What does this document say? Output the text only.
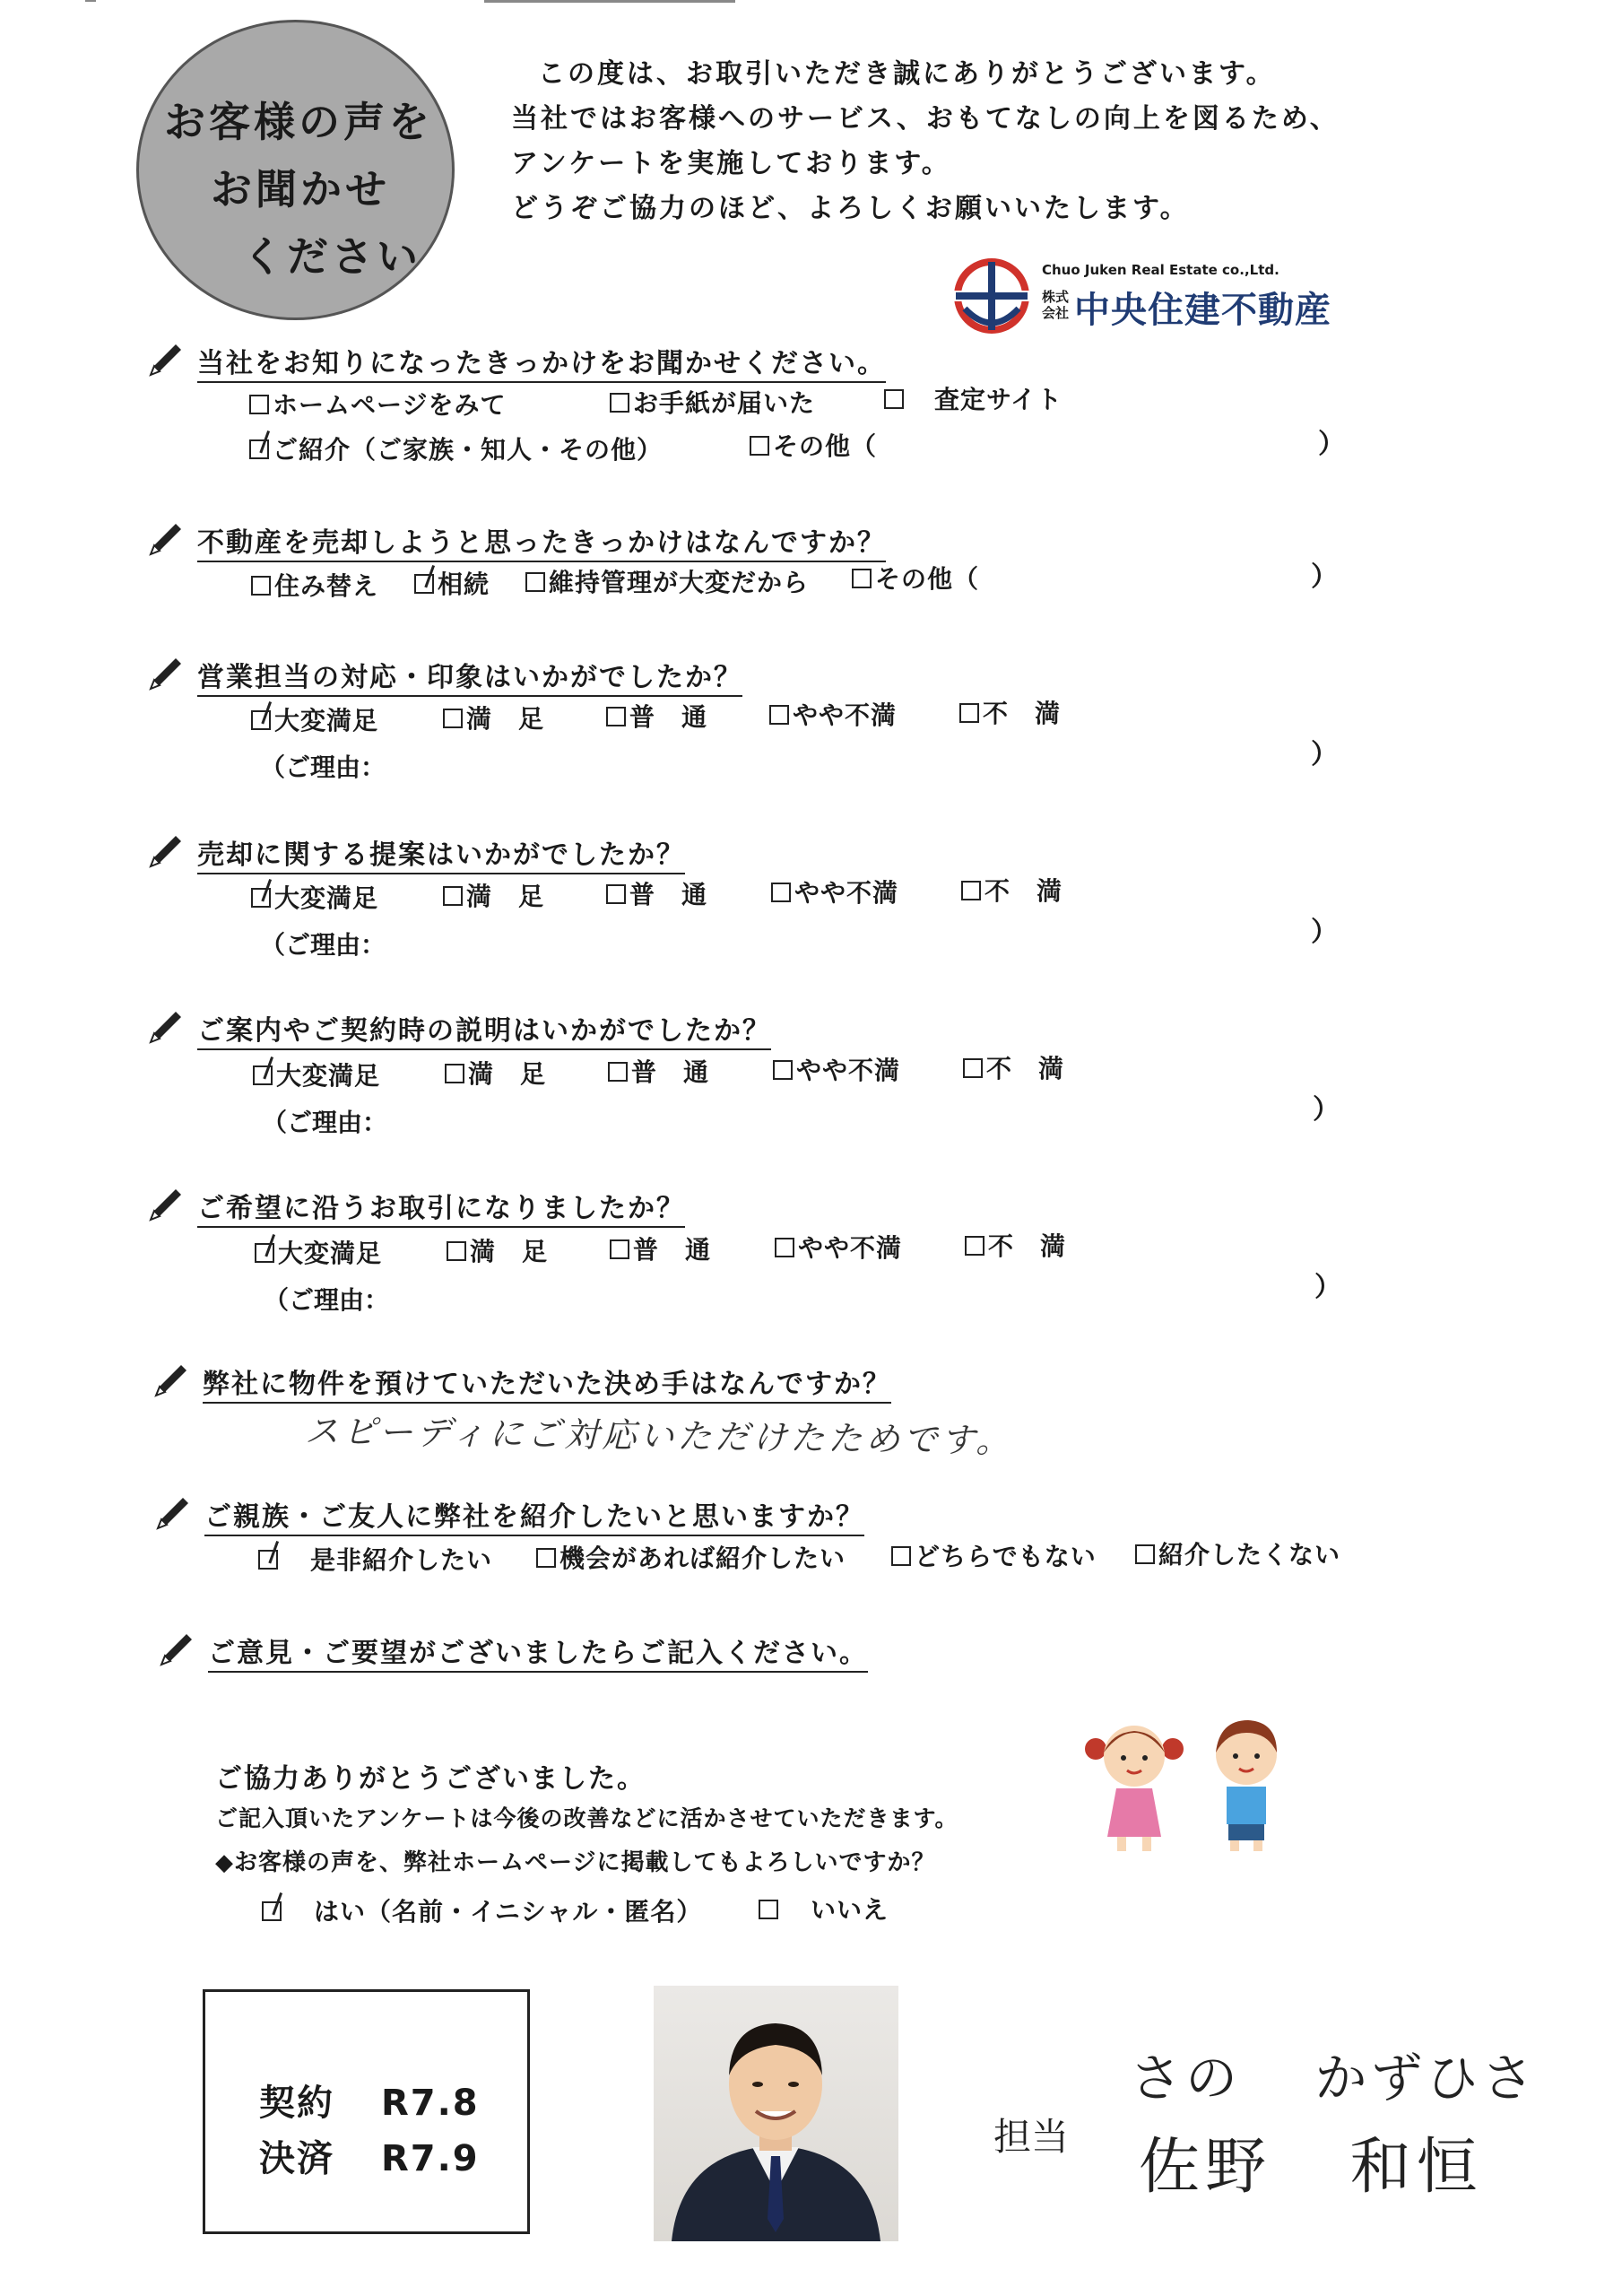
お客様の声を
お聞かせ
ください
この度は、お取引いただき誠にありがとうございます。
当社ではお客様へのサービス、おもてなしの向上を図るため、
アンケートを実施しております。
どうぞご協力のほど、よろしくお願いいたします。
Chuo Juken Real Estate co.,Ltd.
株式会社 中央住建不動産
当社をお知りになったきっかけをお聞かせください。
ホームページをみて	お手紙が届いた	査定サイト
ご紹介（ご家族・知人・その他）	その他（	）
不動産を売却しようと思ったきっかけはなんですか？
住み替え	相続	維持管理が大変だから	その他（	）
営業担当の対応・印象はいかがでしたか？
大変満足	満　足	普　通	やや不満	不　満
（ご理由：	）
売却に関する提案はいかがでしたか？
大変満足	満　足	普　通	やや不満	不　満
（ご理由：	）
ご案内やご契約時の説明はいかがでしたか？
大変満足	満　足	普　通	やや不満	不　満
（ご理由：	）
ご希望に沿うお取引になりましたか？
大変満足	満　足	普　通	やや不満	不　満
（ご理由：	）
弊社に物件を預けていただいた決め手はなんですか？
スピーディにご対応いただけたためです。
ご親族・ご友人に弊社を紹介したいと思いますか？
是非紹介したい	機会があれば紹介したい	どちらでもない	紹介したくない
ご意見・ご要望がございましたらご記入ください。
ご協力ありがとうございました。
ご記入頂いたアンケートは今後の改善などに活かさせていただきます。
◆お客様の声を、弊社ホームページに掲載してもよろしいですか？
はい（名前・イニシャル・匿名）	いいえ
契約 R7.8
決済 R7.9	担当
さの かずひさ
佐野 和恒
